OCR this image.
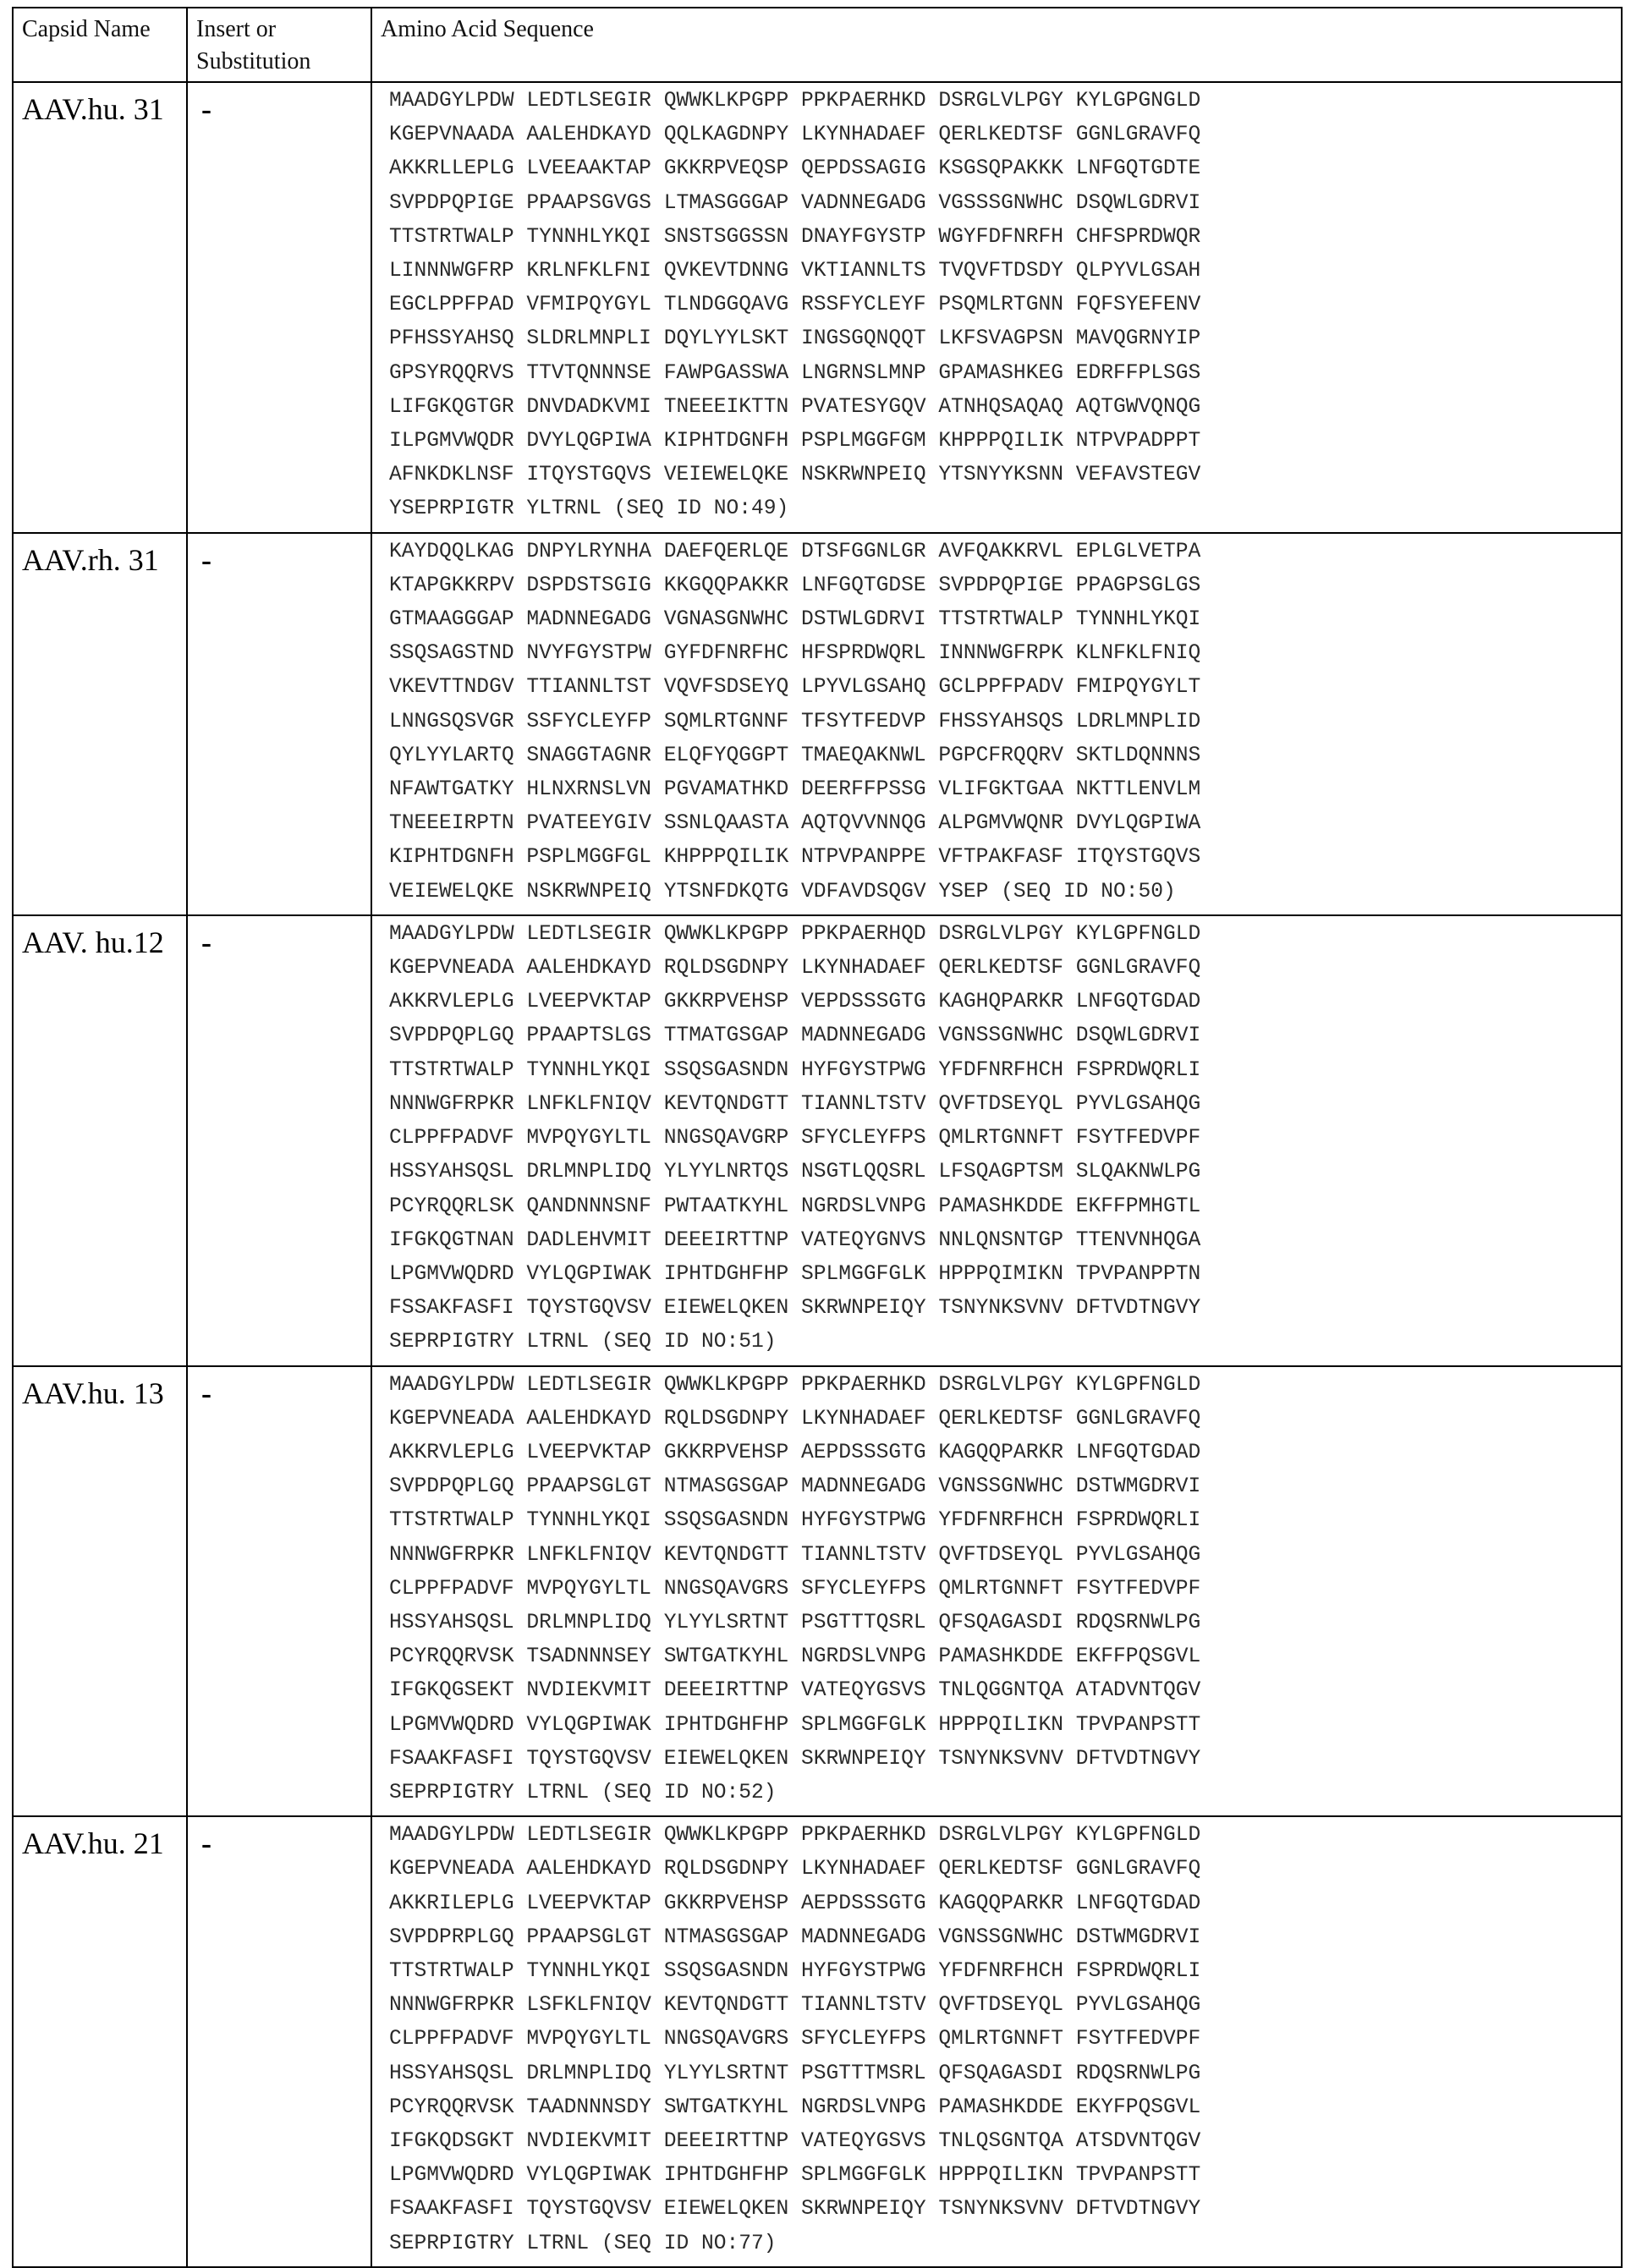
Capsid Name	Insert or Substitution	Amino Acid Sequence
AAV.hu. 31	-	MAADGYLPDW LEDTLSEGIR QWWKLKPGPP PPKPAERHKD DSRGLVLPGY KYLGPGNGLD
KGEPVNAADA AALEHDKAYD QQLKAGDNPY LKYNHADAEF QERLKEDTSF GGNLGRAVFQ
AKKRLLEPLG LVEEAAKTAP GKKRPVEQSP QEPDSSAGIG KSGSQPAKKK LNFGQTGDTE
SVPDPQPIGE PPAAPSGVGS LTMASGGGAP VADNNEGADG VGSSSGNWHC DSQWLGDRVI
TTSTRTWALP TYNNHLYKQI SNSTSGGSSN DNAYFGYSTP WGYFDFNRFH CHFSPRDWQR
LINNNWGFRP KRLNFKLFNI QVKEVTDNNG VKTIANNLTS TVQVFTDSDY QLPYVLGSAH
EGCLPPFPAD VFMIPQYGYL TLNDGGQAVG RSSFYCLEYF PSQMLRTGNN FQFSYEFENV
PFHSSYAHSQ SLDRLMNPLI DQYLYYLSKT INGSGQNQQT LKFSVAGPSN MAVQGRNYIP
GPSYRQQRVS TTVTQNNNSE FAWPGASSWA LNGRNSLMNP GPAMASHKEG EDRFFPLSGS
LIFGKQGTGR DNVDADKVMI TNEEEIKTTN PVATESYGQV ATNHQSAQAQ AQTGWVQNQG
ILPGMVWQDR DVYLQGPIWA KIPHTDGNFH PSPLMGGFGM KHPPPQILIK NTPVPADPPT
AFNKDKLNSF ITQYSTGQVS VEIEWELQKE NSKRWNPEIQ YTSNYYKSNN VEFAVSTEGV
YSEPRPIGTR YLTRNL (SEQ ID NO:49)
AAV.rh. 31	-	KAYDQQLKAG DNPYLRYNHA DAEFQERLQE DTSFGGNLGR AVFQAKKRVL EPLGLVETPA
KTAPGKKRPV DSPDSTSGIG KKGQQPAKKR LNFGQTGDSE SVPDPQPIGE PPAGPSGLGS
GTMAAGGGAP MADNNEGADG VGNASGNWHC DSTWLGDRVI TTSTRTWALP TYNNHLYKQI
SSQSAGSTND NVYFGYSTPW GYFDFNRFHC HFSPRDWQRL INNNWGFRPK KLNFKLFNIQ
VKEVTTNDGV TTIANNLTST VQVFSDSEYQ LPYVLGSAHQ GCLPPFPADV FMIPQYGYLT
LNNGSQSVGR SSFYCLEYFP SQMLRTGNNF TFSYTFEDVP FHSSYAHSQS LDRLMNPLID
QYLYYLARTQ SNAGGTAGNR ELQFYQGGPT TMAEQAKNWL PGPCFRQQRV SKTLDQNNNS
NFAWTGATKY HLNXRNSLVN PGVAMATHKD DEERFFPSSG VLIFGKTGAA NKTTLENVLM
TNEEEIRPTN PVATEEYGIV SSNLQAASTA AQTQVVNNQG ALPGMVWQNR DVYLQGPIWA
KIPHTDGNFH PSPLMGGFGL KHPPPQILIK NTPVPANPPE VFTPAKFASF ITQYSTGQVS
VEIEWELQKE NSKRWNPEIQ YTSNFDKQTG VDFAVDSQGV YSEP (SEQ ID NO:50)
AAV. hu.12	-	MAADGYLPDW LEDTLSEGIR QWWKLKPGPP PPKPAERHQD DSRGLVLPGY KYLGPFNGLD
KGEPVNEADA AALEHDKAYD RQLDSGDNPY LKYNHADAEF QERLKEDTSF GGNLGRAVFQ
AKKRVLEPLG LVEEPVKTAP GKKRPVEHSP VEPDSSSGTG KAGHQPARKR LNFGQTGDAD
SVPDPQPLGQ PPAAPTSLGS TTMATGSGAP MADNNEGADG VGNSSGNWHC DSQWLGDRVI
TTSTRTWALP TYNNHLYKQI SSQSGASNDN HYFGYSTPWG YFDFNRFHCH FSPRDWQRLI
NNNWGFRPKR LNFKLFNIQV KEVTQNDGTT TIANNLTSTV QVFTDSEYQL PYVLGSAHQG
CLPPFPADVF MVPQYGYLTL NNGSQAVGRP SFYCLEYFPS QMLRTGNNFT FSYTFEDVPF
HSSYAHSQSL DRLMNPLIDQ YLYYLNRTQS NSGTLQQSRL LFSQAGPTSM SLQAKNWLPG
PCYRQQRLSK QANDNNNSNF PWTAATKYHL NGRDSLVNPG PAMASHKDDE EKFFPMHGTL
IFGKQGTNAN DADLEHVMIT DEEEIRTTNP VATEQYGNVS NNLQNSNTGP TTENVNHQGA
LPGMVWQDRD VYLQGPIWAK IPHTDGHFHP SPLMGGFGLK HPPPQIMIKN TPVPANPPTN
FSSAKFASFI TQYSTGQVSV EIEWELQKEN SKRWNPEIQY TSNYNKSVNV DFTVDTNGVY
SEPRPIGTRY LTRNL (SEQ ID NO:51)
AAV.hu. 13	-	MAADGYLPDW LEDTLSEGIR QWWKLKPGPP PPKPAERHKD DSRGLVLPGY KYLGPFNGLD
KGEPVNEADA AALEHDKAYD RQLDSGDNPY LKYNHADAEF QERLKEDTSF GGNLGRAVFQ
AKKRVLEPLG LVEEPVKTAP GKKRPVEHSP AEPDSSSGTG KAGQQPARKR LNFGQTGDAD
SVPDPQPLGQ PPAAPSGLGT NTMASGSGAP MADNNEGADG VGNSSGNWHC DSTWMGDRVI
TTSTRTWALP TYNNHLYKQI SSQSGASNDN HYFGYSTPWG YFDFNRFHCH FSPRDWQRLI
NNNWGFRPKR LNFKLFNIQV KEVTQNDGTT TIANNLTSTV QVFTDSEYQL PYVLGSAHQG
CLPPFPADVF MVPQYGYLTL NNGSQAVGRS SFYCLEYFPS QMLRTGNNFT FSYTFEDVPF
HSSYAHSQSL DRLMNPLIDQ YLYYLSRTNT PSGTTTQSRL QFSQAGASDI RDQSRNWLPG
PCYRQQRVSK TSADNNNSEY SWTGATKYHL NGRDSLVNPG PAMASHKDDE EKFFPQSGVL
IFGKQGSEKT NVDIEKVMIT DEEEIRTTNP VATEQYGSVS TNLQGGNTQA ATADVNTQGV
LPGMVWQDRD VYLQGPIWAK IPHTDGHFHP SPLMGGFGLK HPPPQILIKN TPVPANPSTT
FSAAKFASFI TQYSTGQVSV EIEWELQKEN SKRWNPEIQY TSNYNKSVNV DFTVDTNGVY
SEPRPIGTRY LTRNL (SEQ ID NO:52)
AAV.hu. 21	-	MAADGYLPDW LEDTLSEGIR QWWKLKPGPP PPKPAERHKD DSRGLVLPGY KYLGPFNGLD
KGEPVNEADA AALEHDKAYD RQLDSGDNPY LKYNHADAEF QERLKEDTSF GGNLGRAVFQ
AKKRILEPLG LVEEPVKTAP GKKRPVEHSP AEPDSSSGTG KAGQQPARKR LNFGQTGDAD
SVPDPRPLGQ PPAAPSGLGT NTMASGSGAP MADNNEGADG VGNSSGNWHC DSTWMGDRVI
TTSTRTWALP TYNNHLYKQI SSQSGASNDN HYFGYSTPWG YFDFNRFHCH FSPRDWQRLI
NNNWGFRPKR LSFKLFNIQV KEVTQNDGTT TIANNLTSTV QVFTDSEYQL PYVLGSAHQG
CLPPFPADVF MVPQYGYLTL NNGSQAVGRS SFYCLEYFPS QMLRTGNNFT FSYTFEDVPF
HSSYAHSQSL DRLMNPLIDQ YLYYLSRTNT PSGTTTMSRL QFSQAGASDI RDQSRNWLPG
PCYRQQRVSK TAADNNNSDY SWTGATKYHL NGRDSLVNPG PAMASHKDDE EKYFPQSGVL
IFGKQDSGKT NVDIEKVMIT DEEEIRTTNP VATEQYGSVS TNLQSGNTQA ATSDVNTQGV
LPGMVWQDRD VYLQGPIWAK IPHTDGHFHP SPLMGGFGLK HPPPQILIKN TPVPANPSTT
FSAAKFASFI TQYSTGQVSV EIEWELQKEN SKRWNPEIQY TSNYNKSVNV DFTVDTNGVY
SEPRPIGTRY LTRNL (SEQ ID NO:77)
